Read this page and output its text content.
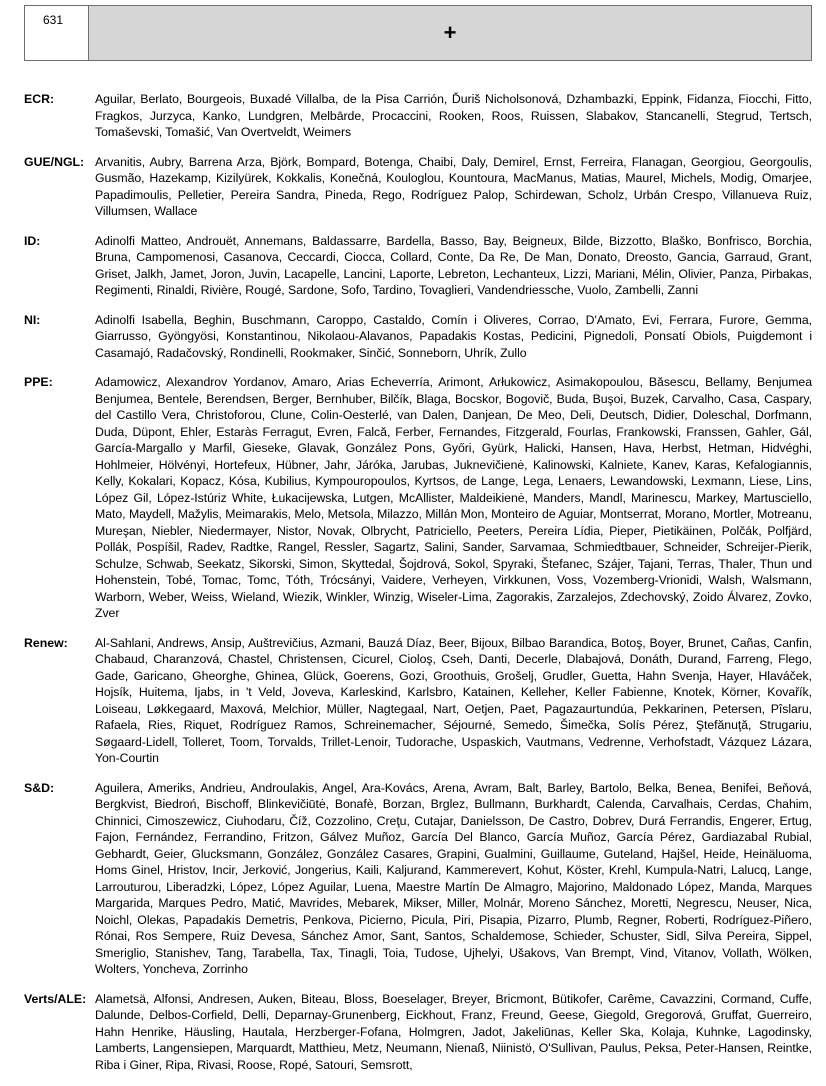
631	+
ECR:	Aguilar, Berlato, Bourgeois, Buxadé Villalba, de la Pisa Carrión, Ďuriš Nicholsonová, Dzhambazki, Eppink, Fidanza, Fiocchi, Fitto, Fragkos, Jurzyca, Kanko, Lundgren, Melbārde, Procaccini, Rooken, Roos, Ruissen, Slabakov, Stancanelli, Stegrud, Tertsch, Tomaševski, Tomašić, Van Overtveldt, Weimers
GUE/NGL: Arvanitis, Aubry, Barrena Arza, Björk, Bompard, Botenga, Chaibi, Daly, Demirel, Ernst, Ferreira, Flanagan, Georgiou, Georgoulis, Gusmão, Hazekamp, Kizilyürek, Kokkalis, Konečná, Kouloglou, Kountoura, MacManus, Matias, Maurel, Michels, Modig, Omarjee, Papadimoulis, Pelletier, Pereira Sandra, Pineda, Rego, Rodríguez Palop, Schirdewan, Scholz, Urbán Crespo, Villanueva Ruiz, Villumsen, Wallace
ID:	Adinolfi Matteo, Androuët, Annemans, Baldassarre, Bardella, Basso, Bay, Beigneux, Bilde, Bizzotto, Blaško, Bonfrisco, Borchia, Bruna, Campomenosi, Casanova, Ceccardi, Ciocca, Collard, Conte, Da Re, De Man, Donato, Dreosto, Gancia, Garraud, Grant, Griset, Jalkh, Jamet, Joron, Juvin, Lacapelle, Lancini, Laporte, Lebreton, Lechanteux, Lizzi, Mariani, Mélin, Olivier, Panza, Pirbakas, Regimenti, Rinaldi, Rivière, Rougé, Sardone, Sofo, Tardino, Tovaglieri, Vandendriessche, Vuolo, Zambelli, Zanni
NI:	Adinolfi Isabella, Beghin, Buschmann, Caroppo, Castaldo, Comín i Oliveres, Corrao, D'Amato, Evi, Ferrara, Furore, Gemma, Giarrusso, Gyöngyösi, Konstantinou, Nikolaou-Alavanos, Papadakis Kostas, Pedicini, Pignedoli, Ponsatí Obiols, Puigdemont i Casamajó, Radačovský, Rondinelli, Rookmaker, Sinčić, Sonneborn, Uhrík, Zullo
PPE:	Adamowicz, Alexandrov Yordanov, Amaro, Arias Echeverría, Arimont, Arłukowicz, Asimakopoulou, Băsescu, Bellamy, Benjumea Benjumea, Bentele, Berendsen, Berger, Bernhuber, Bilčík, Blaga, Bocskor, Bogovič, Buda, Buşoi, Buzek, Carvalho, Casa, Caspary, del Castillo Vera, Christoforou, Clune, Colin-Oesterlé, van Dalen, Danjean, De Meo, Deli, Deutsch, Didier, Doleschal, Dorfmann, Duda, Düpont, Ehler, Estaràs Ferragut, Evren, Falcă, Ferber, Fernandes, Fitzgerald, Fourlas, Frankowski, Franssen, Gahler, Gál, García-Margallo y Marfil, Gieseke, Glavak, González Pons, Győri, Gyürk, Halicki, Hansen, Hava, Herbst, Hetman, Hidvéghi, Hohlmeier, Hölvényi, Hortefeux, Hübner, Jahr, Járóka, Jarubas, Juknevičienė, Kalinowski, Kalniete, Kanev, Karas, Kefalogiannis, Kelly, Kokalari, Kopacz, Kósa, Kubilius, Kympouropoulos, Kyrtsos, de Lange, Lega, Lenaers, Lewandowski, Lexmann, Liese, Lins, López Gil, López-Istúriz White, Łukacijewska, Lutgen, McAllister, Maldeikienė, Manders, Mandl, Marinescu, Markey, Martusciello, Mato, Maydell, Mažylis, Meimarakis, Melo, Metsola, Milazzo, Millán Mon, Monteiro de Aguiar, Montserrat, Morano, Mortler, Motreanu, Mureşan, Niebler, Niedermayer, Nistor, Novak, Olbrycht, Patriciello, Peeters, Pereira Lídia, Pieper, Pietikäinen, Polčák, Polfjärd, Pollák, Pospíšil, Radev, Radtke, Rangel, Ressler, Sagartz, Salini, Sander, Sarvamaa, Schmiedtbauer, Schneider, Schreijer-Pierik, Schulze, Schwab, Seekatz, Sikorski, Simon, Skyttedal, Šojdrová, Sokol, Spyraki, Štefanec, Szájer, Tajani, Terras, Thaler, Thun und Hohenstein, Tobé, Tomac, Tomc, Tóth, Trócsányi, Vaidere, Verheyen, Virkkunen, Voss, Vozemberg-Vrionidi, Walsh, Walsmann, Warborn, Weber, Weiss, Wieland, Wiezik, Winkler, Winzig, Wiseler-Lima, Zagorakis, Zarzalejos, Zdechovský, Zoido Álvarez, Zovko, Zver
Renew:	Al-Sahlani, Andrews, Ansip, Auštrevičius, Azmani, Bauzá Díaz, Beer, Bijoux, Bilbao Barandica, Botoş, Boyer, Brunet, Cañas, Canfin, Chabaud, Charanzová, Chastel, Christensen, Cicurel, Cioloş, Cseh, Danti, Decerle, Dlabajová, Donáth, Durand, Farreng, Flego, Gade, Garicano, Gheorghe, Ghinea, Glück, Goerens, Gozi, Groothuis, Grošelj, Grudler, Guetta, Hahn Svenja, Hayer, Hlaváček, Hojsík, Huitema, Ijabs, in 't Veld, Joveva, Karleskind, Karlsbro, Katainen, Kelleher, Keller Fabienne, Knotek, Körner, Kovařík, Loiseau, Løkkegaard, Maxová, Melchior, Müller, Nagtegaal, Nart, Oetjen, Paet, Pagazaurtundúa, Pekkarinen, Petersen, Pîslaru, Rafaela, Ries, Riquet, Rodríguez Ramos, Schreinemacher, Séjourné, Semedo, Šimečka, Solís Pérez, Ştefănuţă, Strugariu, Søgaard-Lidell, Tolleret, Toom, Torvalds, Trillet-Lenoir, Tudorache, Uspaskich, Vautmans, Vedrenne, Verhofstadt, Vázquez Lázara, Yon-Courtin
S&D:	Aguilera, Ameriks, Andrieu, Androulakis, Angel, Ara-Kovács, Arena, Avram, Balt, Barley, Bartolo, Belka, Benea, Benifei, Beňová, Bergkvist, Biedroń, Bischoff, Blinkevičiūtė, Bonafè, Borzan, Brglez, Bullmann, Burkhardt, Calenda, Carvalhais, Cerdas, Chahim, Chinnici, Cimoszewicz, Ciuhodaru, Číž, Cozzolino, Creţu, Cutajar, Danielsson, De Castro, Dobrev, Durá Ferrandis, Engerer, Ertug, Fajon, Fernández, Ferrandino, Fritzon, Gálvez Muñoz, García Del Blanco, García Muñoz, García Pérez, Gardiazabal Rubial, Gebhardt, Geier, Glucksmann, González, González Casares, Grapini, Gualmini, Guillaume, Guteland, Hajšel, Heide, Heinäluoma, Homs Ginel, Hristov, Incir, Jerković, Jongerius, Kaili, Kaljurand, Kammerevert, Kohut, Köster, Krehl, Kumpula-Natri, Lalucq, Lange, Larrouturou, Liberadzki, López, López Aguilar, Luena, Maestre Martín De Almagro, Majorino, Maldonado López, Manda, Marques Margarida, Marques Pedro, Matić, Mavrides, Mebarek, Mikser, Miller, Molnár, Moreno Sánchez, Moretti, Negrescu, Neuser, Nica, Noichl, Olekas, Papadakis Demetris, Penkova, Picierno, Picula, Piri, Pisapia, Pizarro, Plumb, Regner, Roberti, Rodríguez-Piñero, Rónai, Ros Sempere, Ruiz Devesa, Sánchez Amor, Sant, Santos, Schaldemose, Schieder, Schuster, Sidl, Silva Pereira, Sippel, Smeriglio, Stanishev, Tang, Tarabella, Tax, Tinagli, Toia, Tudose, Ujhelyi, Ušakovs, Van Brempt, Vind, Vitanov, Vollath, Wölken, Wolters, Yoncheva, Zorrinho
Verts/ALE: Alametsä, Alfonsi, Andresen, Auken, Biteau, Bloss, Boeselager, Breyer, Bricmont, Bütikofer, Carême, Cavazzini, Cormand, Cuffe, Dalunde, Delbos-Corfield, Delli, Deparnay-Grunenberg, Eickhout, Franz, Freund, Geese, Giegold, Gregorová, Gruffat, Guerreiro, Hahn Henrike, Häusling, Hautala, Herzberger-Fofana, Holmgren, Jadot, Jakeliūnas, Keller Ska, Kolaja, Kuhnke, Lagodinsky, Lamberts, Langensiepen, Marquardt, Matthieu, Metz, Neumann, Nienaß, Niinistö, O'Sullivan, Paulus, Peksa, Peter-Hansen, Reintke, Riba i Giner, Ripa, Rivasi, Roose, Ropé, Satouri, Semsrott,
